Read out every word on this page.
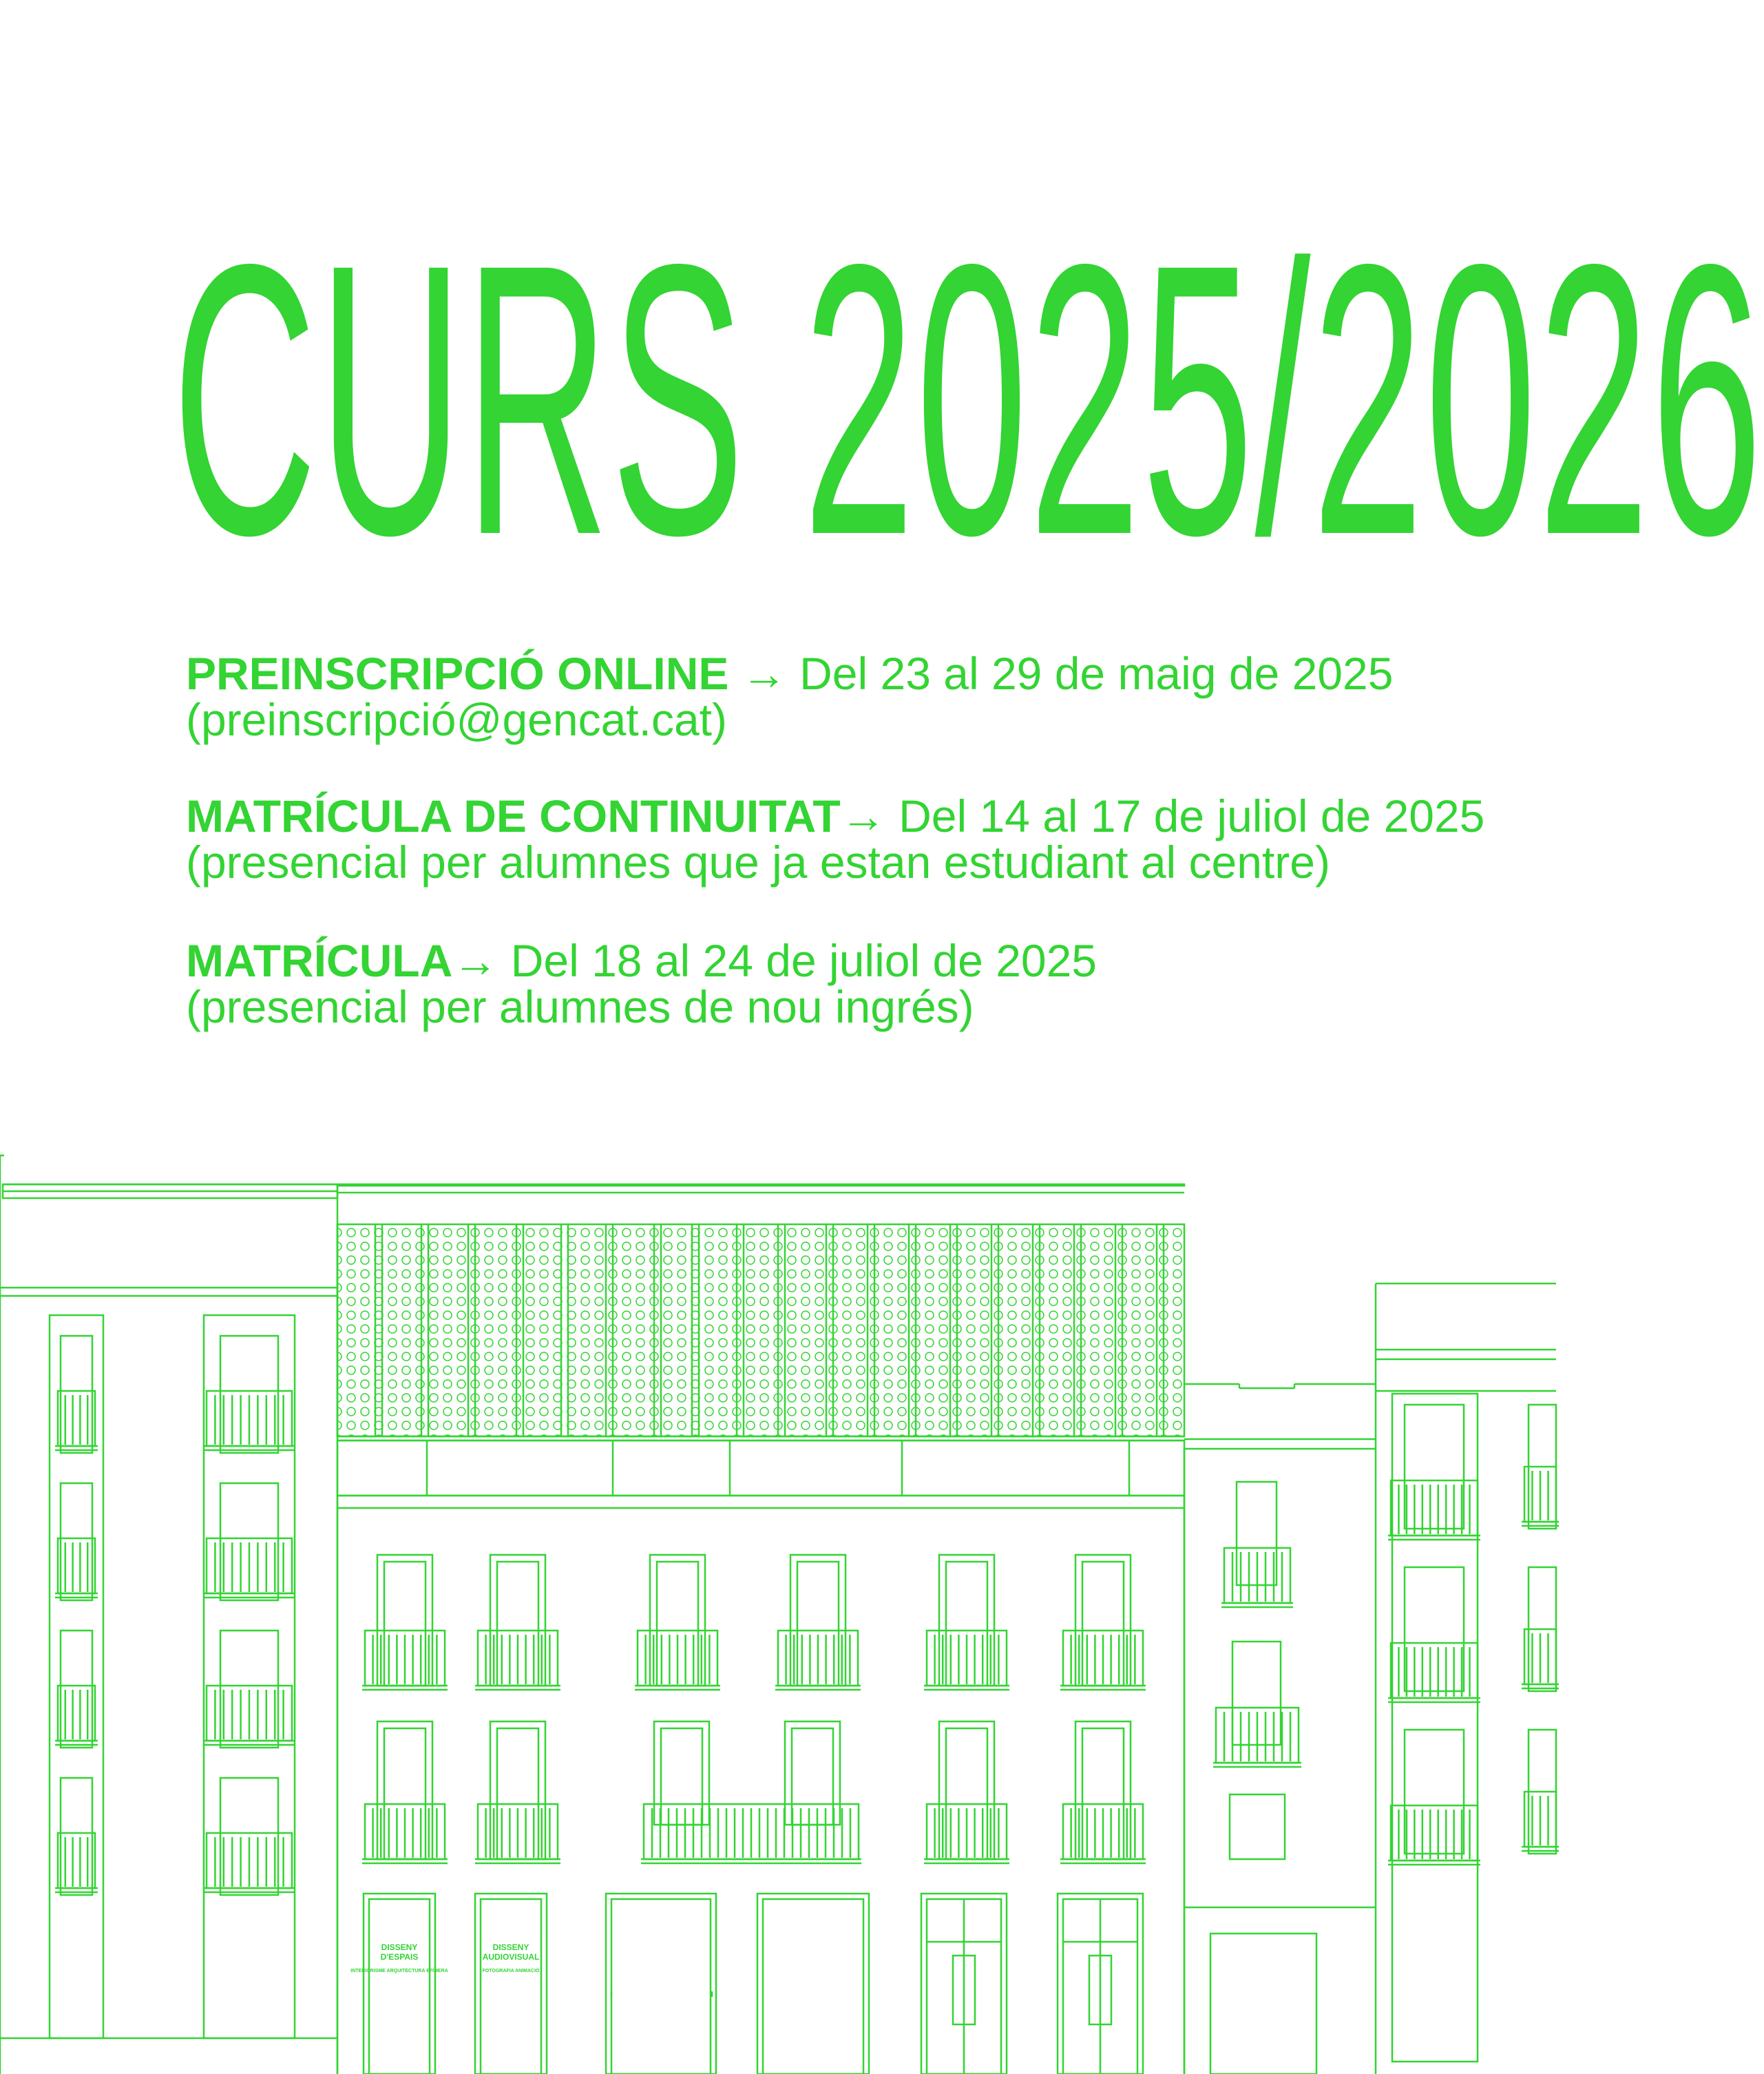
CURS 2025/2026
PREINSCRIPCIÓ ONLINE → Del 23 al 29 de maig de 2025
(preinscripció@gencat.cat)
MATRÍCULA DE CONTINUITAT→ Del 14 al 17 de juliol de 2025
(presencial per alumnes que ja estan estudiant al centre)
MATRÍCULA→ Del 18 al 24 de juliol de 2025
(presencial per alumnes de nou ingrés)
DISSENY
D'ESPAIS
INTERIORISME ARQUITECTURA EFÍMERA
DISSENY
AUDIOVISUAL
FOTOGRAFIA ANIMACIÓ
